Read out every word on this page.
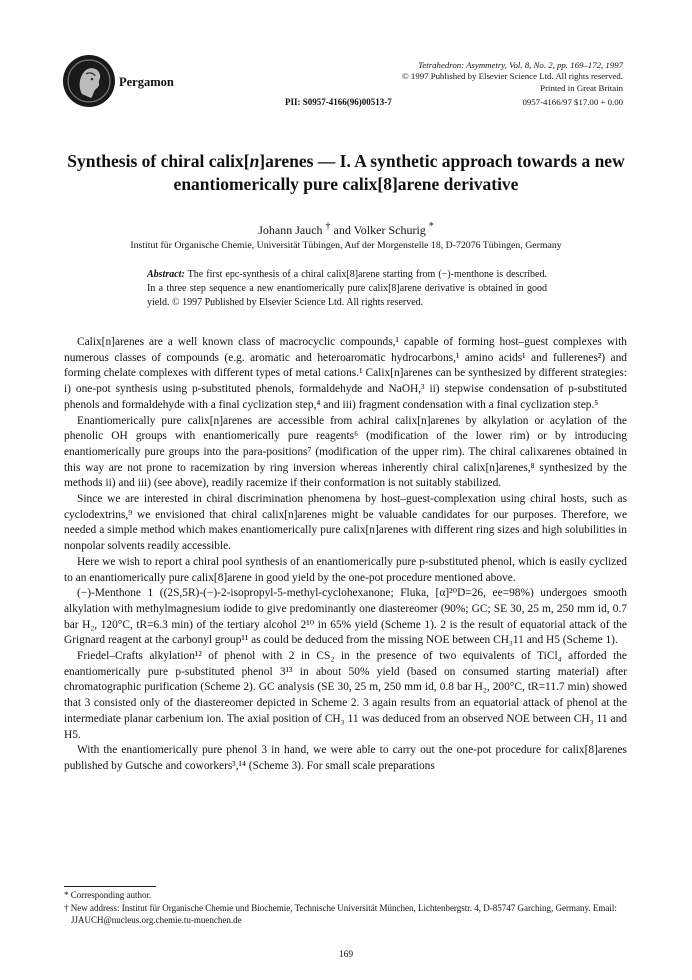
Pergamon
Tetrahedron: Asymmetry, Vol. 8, No. 2, pp. 169–172, 1997
© 1997 Published by Elsevier Science Ltd. All rights reserved.
Printed in Great Britain
PII: S0957-4166(96)00513-7	0957-4166/97 $17.00 + 0.00
Synthesis of chiral calix[n]arenes — I. A synthetic approach towards a new enantiomerically pure calix[8]arene derivative
Johann Jauch † and Volker Schurig *
Institut für Organische Chemie, Universität Tübingen, Auf der Morgenstelle 18, D-72076 Tübingen, Germany
Abstract: The first epc-synthesis of a chiral calix[8]arene starting from (−)-menthone is described. In a three step sequence a new enantiomerically pure calix[8]arene derivative is obtained in good yield. © 1997 Published by Elsevier Science Ltd. All rights reserved.

Calix[n]arenes are a well known class of macrocyclic compounds,¹ capable of forming host–guest complexes with numerous classes of compounds (e.g. aromatic and heteroaromatic hydrocarbons,¹ amino acids¹ and fullerenes²) and forming chelate complexes with different types of metal cations.¹ Calix[n]arenes can be synthesized by different strategies: i) one-pot synthesis using p-substituted phenols, formaldehyde and NaOH,³ ii) stepwise condensation of p-substituted phenols and formaldehyde with a final cyclization step,⁴ and iii) fragment condensation with a final cyclization step.⁵

Enantiomerically pure calix[n]arenes are accessible from achiral calix[n]arenes by alkylation or acylation of the phenolic OH groups with enantiomerically pure reagents⁶ (modification of the lower rim) or by introducing enantiomerically pure groups into the para-positions⁷ (modification of the upper rim). The chiral calixarenes obtained in this way are not prone to racemization by ring inversion whereas inherently chiral calix[n]arenes,⁸ synthesized by the methods ii) and iii) (see above), readily racemize if their conformation is not suitably stabilized.

Since we are interested in chiral discrimination phenomena by host–guest-complexation using chiral hosts, such as cyclodextrins,⁹ we envisioned that chiral calix[n]arenes might be valuable candidates for our purposes. Therefore, we needed a simple method which makes enantiomerically pure calix[n]arenes with different ring sizes and high solubilities in nonpolar solvents readily accessible.

Here we wish to report a chiral pool synthesis of an enantiomerically pure p-substituted phenol, which is easily cyclized to an enantiomerically pure calix[8]arene in good yield by the one-pot procedure mentioned above.

(−)-Menthone 1 ((2S,5R)-(−)-2-isopropyl-5-methyl-cyclohexanone; Fluka, [α]²⁰D=26, ee=98%) undergoes smooth alkylation with methylmagnesium iodide to give predominantly one diastereomer (90%; GC; SE 30, 25 m, 250 mm id, 0.7 bar H₂, 120°C, tR=6.3 min) of the tertiary alcohol 2¹⁰ in 65% yield (Scheme 1). 2 is the result of equatorial attack of the Grignard reagent at the carbonyl group¹¹ as could be deduced from the missing NOE between CH₃11 and H5 (Scheme 1).

Friedel–Crafts alkylation¹² of phenol with 2 in CS₂ in the presence of two equivalents of TiCl₄ afforded the enantiomerically pure p-substituted phenol 3¹³ in about 50% yield (based on consumed starting material) after chromatographic purification (Scheme 2). GC analysis (SE 30, 25 m, 250 mm id, 0.8 bar H₂, 200°C, tR=11.7 min) showed that 3 consisted only of the diastereomer depicted in Scheme 2. 3 again results from an equatorial attack of phenol at the intermediate planar carbenium ion. The axial position of CH₃ 11 was deduced from an observed NOE between CH₃ 11 and H5.

With the enantiomerically pure phenol 3 in hand, we were able to carry out the one-pot procedure for calix[8]arenes published by Gutsche and coworkers³,¹⁴ (Scheme 3). For small scale preparations

* Corresponding author.

† New address: Institut für Organische Chemie und Biochemie, Technische Universität München, Lichtenbergstr. 4, D-85747 Garching, Germany. Email: JJAUCH@nucleus.org.chemie.tu-muenchen.de

169
